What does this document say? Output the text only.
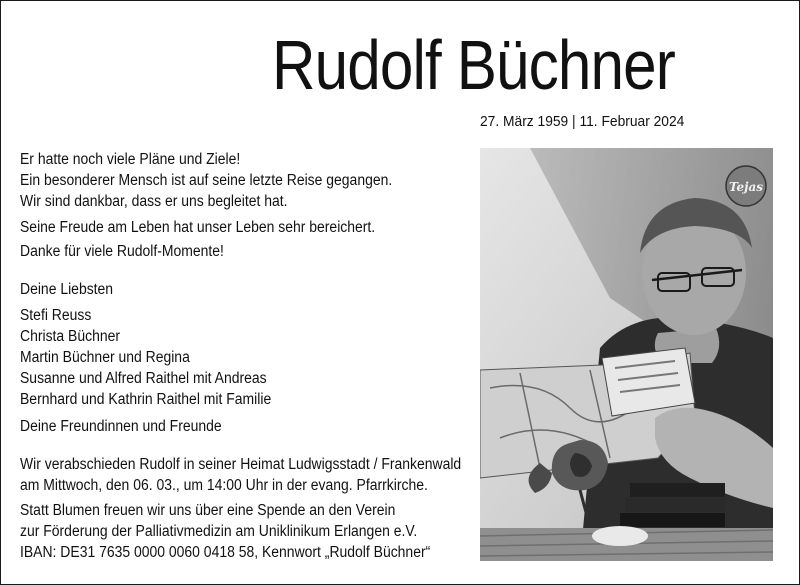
Rudolf Büchner
27. März 1959 | 11. Februar 2024
Er hatte noch viele Pläne und Ziele!
Ein besonderer Mensch ist auf seine letzte Reise gegangen.
Wir sind dankbar, dass er uns begleitet hat.
Seine Freude am Leben hat unser Leben sehr bereichert.
Danke für viele Rudolf-Momente!
Deine Liebsten
Stefi Reuss
Christa Büchner
Martin Büchner und Regina
Susanne und Alfred Raithel mit Andreas
Bernhard und Kathrin Raithel mit Familie
Deine Freundinnen und Freunde
Wir verabschieden Rudolf in seiner Heimat Ludwigsstadt / Frankenwald
am Mittwoch, den 06. 03., um 14:00 Uhr in der evang. Pfarrkirche.
Statt Blumen freuen wir uns über eine Spende an den Verein
zur Förderung der Palliativmedizin am Uniklinikum Erlangen e.V.
IBAN: DE31 7635 0000 0060 0418 58, Kennwort „Rudolf Büchner“
Tejas
